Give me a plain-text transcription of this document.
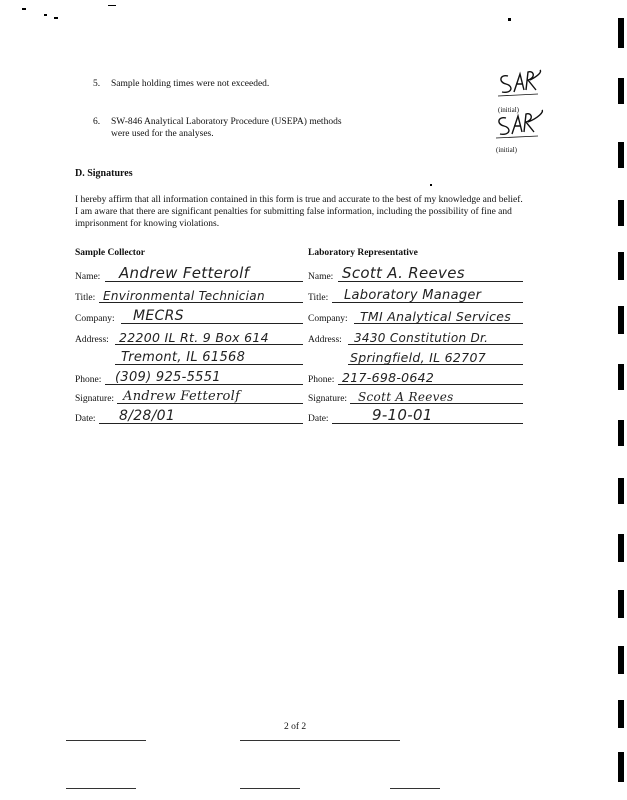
5. Sample holding times were not exceeded.
(initial)
6. SW-846 Analytical Laboratory Procedure (USEPA) methods
were used for the analyses.
(initial)
D. Signatures
I hereby affirm that all information contained in this form is true and accurate to the best of my knowledge and belief. I am aware that there are significant penalties for submitting false information, including the possibility of fine and imprisonment for knowing violations.
Sample Collector	Laboratory Representative
Name: Andrew Fetterolf
Title: Environmental Technician
Company: MECRS
Address: 22200 IL Rt. 9 Box 614
Tremont, IL 61568
Phone: (309) 925-5551
Signature: Andrew Fetterolf
Date: 8/28/01
Name: Scott A. Reeves
Title: Laboratory Manager
Company: TMI Analytical Services
Address: 3430 Constitution Dr.
Springfield, IL 62707
Phone: 217-698-0642
Signature: Scott A Reeves
Date:	9-10-01
2 of 2
